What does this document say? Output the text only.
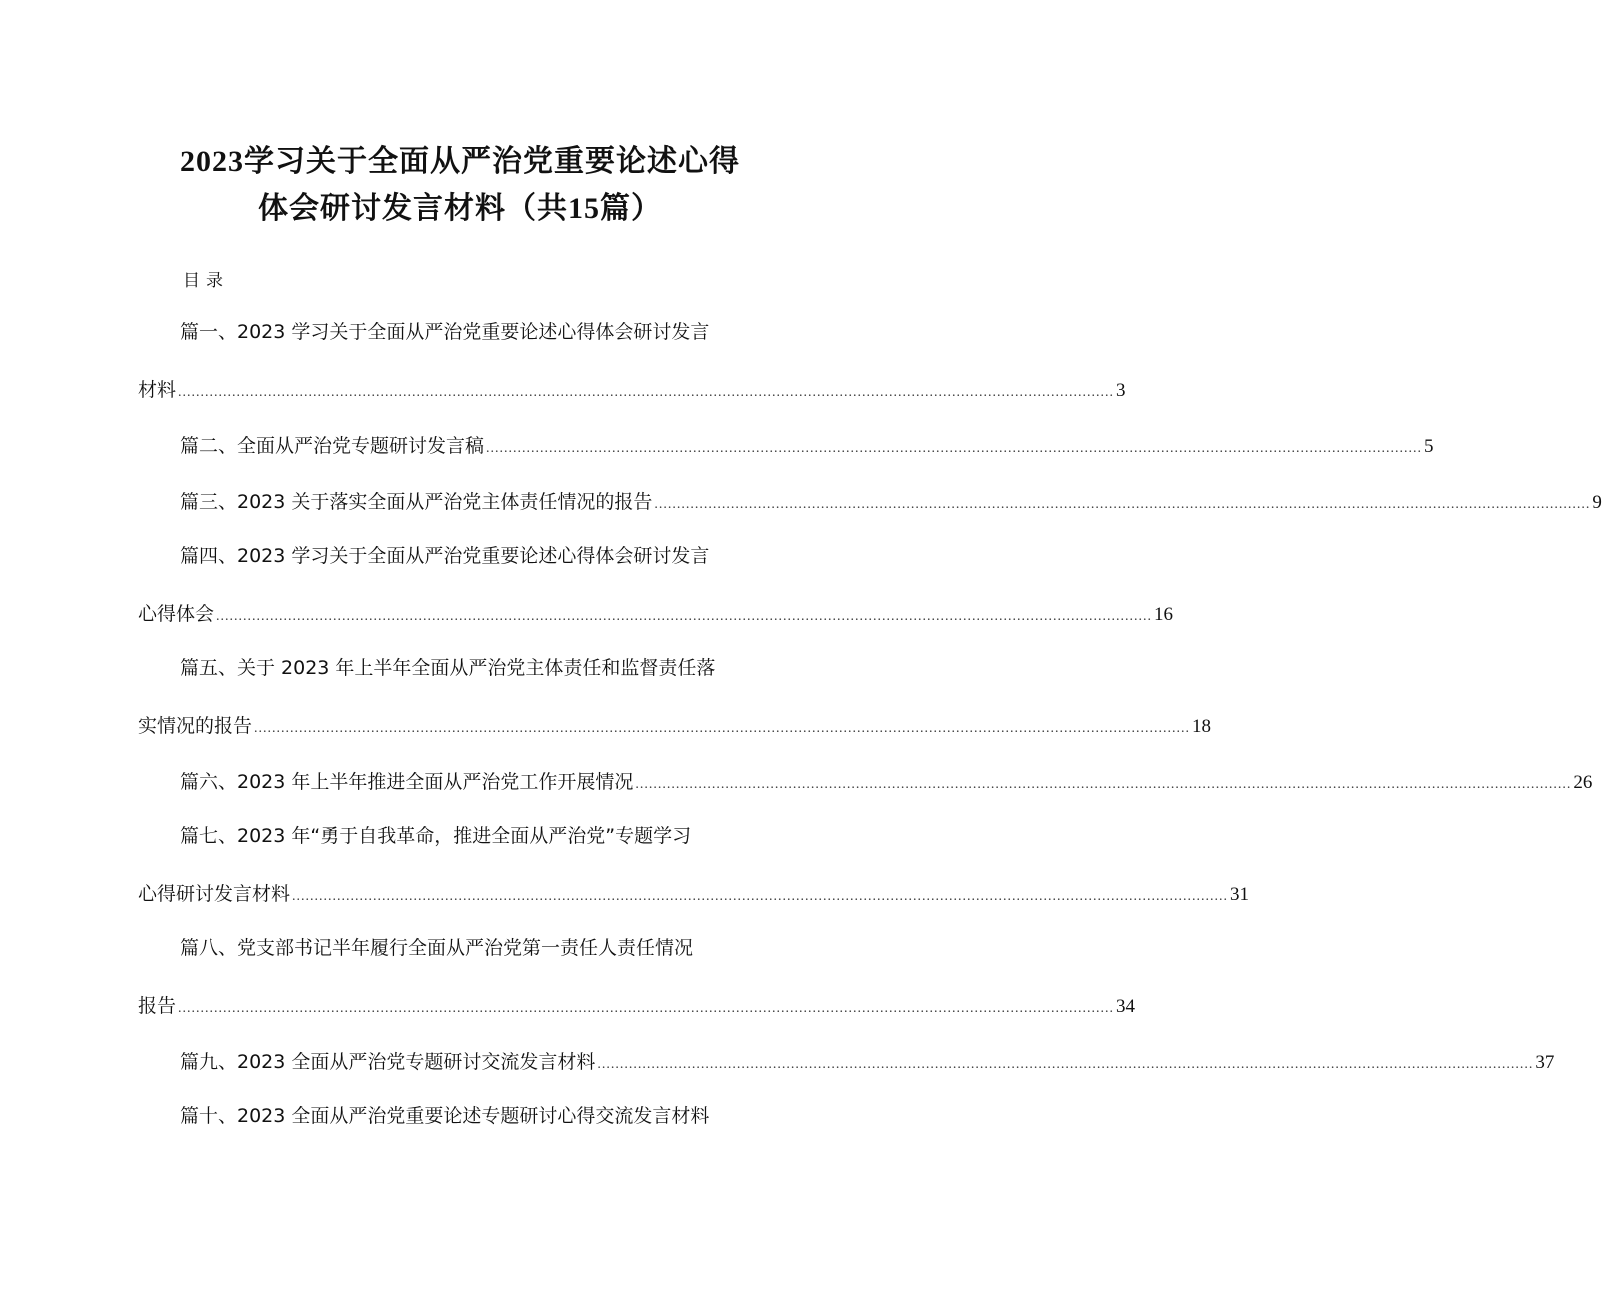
2023学习关于全面从严治党重要论述心得
体会研讨发言材料（共15篇）
目录
篇一、2023 学习关于全面从严治党重要论述心得体会研讨发言
材料 ................................................................................................................................................................................................................ 3
篇二、全面从严治党专题研讨发言稿 ................................................................................................................................................................................................................ 5
篇三、2023 关于落实全面从严治党主体责任情况的报告 ................................................................................................................................................................................................................ 9
篇四、2023 学习关于全面从严治党重要论述心得体会研讨发言
心得体会 ................................................................................................................................................................................................................ 16
篇五、关于 2023 年上半年全面从严治党主体责任和监督责任落
实情况的报告 ................................................................................................................................................................................................................ 18
篇六、2023 年上半年推进全面从严治党工作开展情况 ................................................................................................................................................................................................................ 26
篇七、2023 年“勇于自我革命，推进全面从严治党”专题学习
心得研讨发言材料 ................................................................................................................................................................................................................ 31
篇八、党支部书记半年履行全面从严治党第一责任人责任情况
报告 ................................................................................................................................................................................................................ 34
篇九、2023 全面从严治党专题研讨交流发言材料 ................................................................................................................................................................................................................ 37
篇十、2023 全面从严治党重要论述专题研讨心得交流发言材料
